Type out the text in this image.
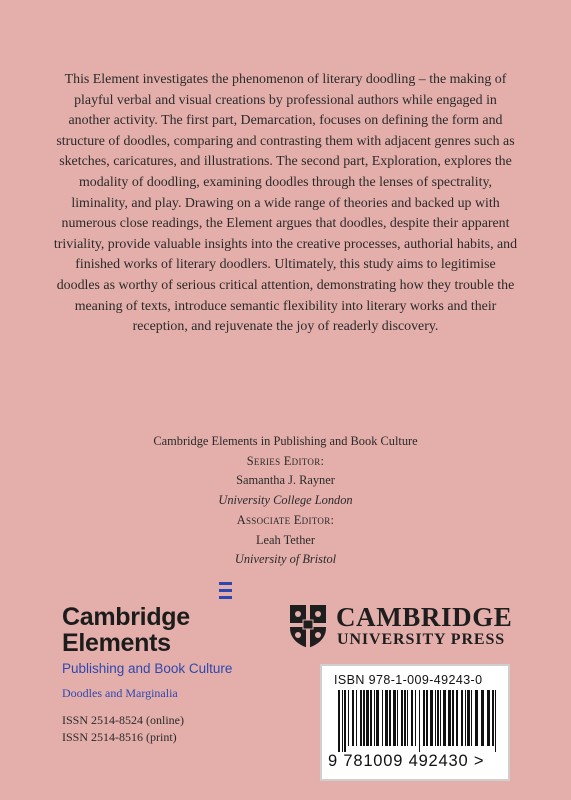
This Element investigates the phenomenon of literary doodling – the making of playful verbal and visual creations by professional authors while engaged in another activity. The first part, Demarcation, focuses on defining the form and structure of doodles, comparing and contrasting them with adjacent genres such as sketches, caricatures, and illustrations. The second part, Exploration, explores the modality of doodling, examining doodles through the lenses of spectrality, liminality, and play. Drawing on a wide range of theories and backed up with numerous close readings, the Element argues that doodles, despite their apparent triviality, provide valuable insights into the creative processes, authorial habits, and finished works of literary doodlers. Ultimately, this study aims to legitimise doodles as worthy of serious critical attention, demonstrating how they trouble the meaning of texts, introduce semantic flexibility into literary works and their reception, and rejuvenate the joy of readerly discovery.

Cambridge Elements in Publishing and Book Culture
Series Editor:
Samantha J. Rayner
University College London
Associate Editor:
Leah Tether
University of Bristol
Cambridge
Elements
Publishing and Book Culture
Doodles and Marginalia
ISSN 2514-8524 (online)
ISSN 2514-8516 (print)
CAMBRIDGE
UNIVERSITY PRESS
ISBN 978-1-009-49243-0
9 781009 492430 >
